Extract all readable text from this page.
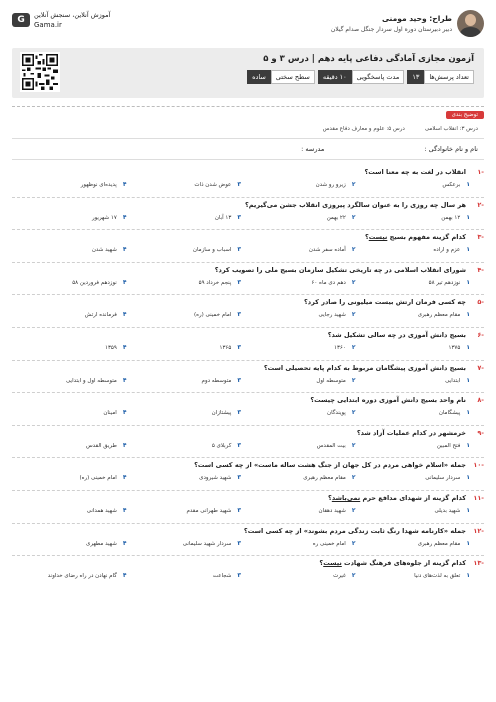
طراح: وحید مومنی
دبیر دبیرستان دوره اول سردار جنگل صدام گیلان
آموزش آنلاین، سنجش آنلاین
Gama.ir
G
آزمون مجازی آمادگی دفاعی پایه دهم | درس ۳ و ۵
تعداد پرسش‌ها
۱۳
مدت پاسخگویی
۱۰ دقیقه
سطح سختی
ساده
توضیح بندی
درس ۳: انقلاب اسلامی
درس ۵: علوم و معارف دفاع مقدس
نام و نام خانوادگی :
مدرسه :
-۱
انقلاب در لغت به چه معنا است؟
۱
برعکس
۲
زیرو رو شدن
۳
عوض شدن ذات
۴
پدیده‌ای نوظهور
-۲
هر سال چه روزی را به عنوان سالگرد پیروزی انقلاب جشن می‌گیریم؟
۱
۱۲ بهمن
۲
۲۲ بهمن
۳
۱۳ آبان
۴
۱۷ شهریور
-۳
کدام گزینه مفهوم بسیج نیست؟
۱
عزم و اراده
۲
آماده سفر شدن
۳
اسباب و سازمان
۴
شهید شدن
-۴
شورای انقلاب اسلامی در چه تاریخی تشکیل سازمان بسیج ملی را تصویب کرد؟
۱
نوزدهم تیر ۵۸
۲
دهم دی ماه ۶۰
۳
پنجم خرداد ۵۹
۴
نوزدهم فروردین ۵۸
-۵
چه کسی فرمان ارتش بیست میلیونی را صادر کرد؟
۱
مقام معظم رهبری
۲
شهید رجایی
۳
امام خمینی (ره)
۴
فرمانده ارتش
-۶
بسیج دانش آموزی در چه سالی تشکیل شد؟
۱
۱۳۷۵
۲
۱۳۶۰
۳
۱۳۶۵
۴
۱۳۵۹
-۷
بسیج دانش آموزی پیشگامان مربوط به کدام پایه تحصیلی است؟
۱
ابتدایی
۲
متوسطه اول
۳
متوسطه دوم
۴
متوسطه اول و ابتدایی
-۸
نام واحد بسیج دانش آموزی دوره ابتدایی چیست؟
۱
پیشگامان
۲
پویندگان
۳
پیشتازان
۴
امینان
-۹
خرمشهر در کدام عملیات آزاد شد؟
۱
فتح المبین
۲
بیت المقدس
۳
کربلای ۵
۴
طریق القدس
-۱۰
جمله «اسلام خواهی مردم در کل جهان از جنگ هشت ساله ماست» از چه کسی است؟
۱
سردار سلیمانی
۲
مقام معظم رهبری
۳
شهید شیرودی
۴
امام خمینی (ره)
-۱۱
کدام گزینه از شهدای مدافع حرم نمی‌باشد؟
۱
شهید بدیلی
۲
شهید دهقان
۳
شهید طهرانی مقدم
۴
شهید همدانی
-۱۲
جمله «کارنامه شهدا رنگ ثابت زندگی مردم بشوند» از چه کسی است؟
۱
مقام معظم رهبری
۲
امام خمینی ره
۳
سردار شهید سلیمانی
۴
شهید مطهری
-۱۳
کدام گزینه از جلوه‌های فرهنگ شهادت نیست؟
۱
تعلق به لذت‌های دنیا
۲
غیرت
۳
شجاعت
۴
گام نهادن در راه رضای خداوند
